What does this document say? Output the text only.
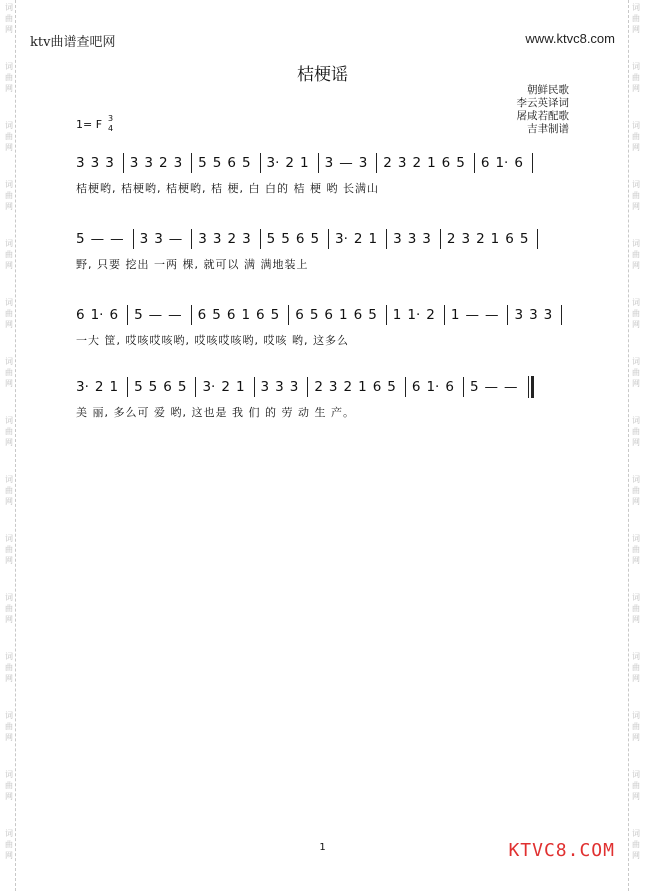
词
曲
网
词
曲
网
词
曲
网
词
曲
网
词
曲
网
词
曲
网
词
曲
网
词
曲
网
词
曲
网
词
曲
网
词
曲
网
词
曲
网
词
曲
网
词
曲
网
词
曲
网
词
曲
网
词
曲
网
词
曲
网
词
曲
网
词
曲
网
词
曲
网
词
曲
网
词
曲
网
词
曲
网
词
曲
网
词
曲
网
词
曲
网
词
曲
网
词
曲
网
词
曲
网
ktv曲谱查吧网	www.ktvc8.com
桔梗谣
朝鲜民歌
李云英译词
屠咸若配歌
吉聿制谱
1= F 3
4
3 3 3 3 3 2 3 5 5 6 5 3· 2 1 3 — 3 2 3 2 1 6 5 6 1· 6
桔梗哟, 桔梗哟, 桔梗哟, 桔 梗, 白 白的 桔 梗 哟 长满山
5 — — 3 3 — 3 3 2 3 5 5 6 5 3· 2 1 3 3 3 2 3 2 1 6 5
野, 只要 挖出 一两 棵, 就可以 满 满地装上
6 1· 6 5 — — 6 5 6 1 6 5 6 5 6 1 6 5 1 1· 2 1 — — 3 3 3
一大 筐, 哎咳哎咳哟, 哎咳哎咳哟, 哎咳 哟, 这多么
3· 2 1 5 5 6 5 3· 2 1 3 3 3 2 3 2 1 6 5 6 1· 6 5 — —
美 丽, 多么可 爱 哟, 这也是 我 们 的 劳 动 生 产。
1	KTVC8.COM
